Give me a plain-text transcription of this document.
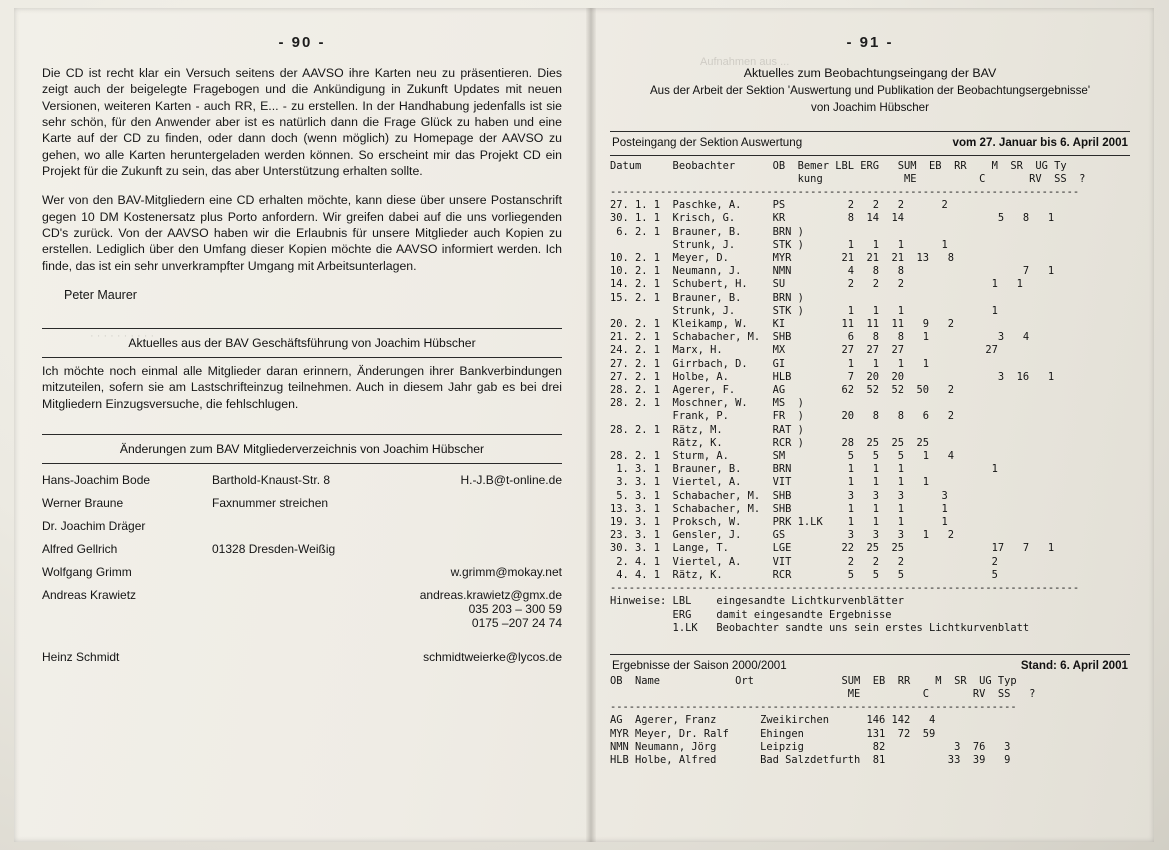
Aufnahmen aus ...
· · · · · · · · · ·
- 90 -
Die CD ist recht klar ein Versuch seitens der AAVSO ihre Karten neu zu präsentieren. Dies zeigt auch der beigelegte Fragebogen und die Ankündigung in Zukunft Updates mit neuen Versionen, weiteren Karten - auch RR, E... - zu erstellen. In der Handhabung jedenfalls ist sie sehr schön, für den Anwender aber ist es natürlich dann die Frage Glück zu haben und eine Karte auf der CD zu finden, oder dann doch (wenn möglich) zu Homepage der AAVSO zu gehen, wo alle Karten heruntergeladen werden können. So erscheint mir das Projekt CD ein Projekt für die Zukunft zu sein, das aber Unterstützung erhalten sollte.
Wer von den BAV-Mitgliedern eine CD erhalten möchte, kann diese über unsere Postanschrift gegen 10 DM Kostenersatz plus Porto anfordern. Wir greifen dabei auf die uns vorliegenden CD's zurück. Von der AAVSO haben wir die Erlaubnis für unsere Mitglieder auch Kopien zu erstellen. Lediglich über den Umfang dieser Kopien möchte die AAVSO informiert werden. Ich finde, das ist ein sehr unverkrampfter Umgang mit Arbeitsunterlagen.
Peter Maurer
Aktuelles aus der BAV Geschäftsführung von Joachim Hübscher
Ich möchte noch einmal alle Mitglieder daran erinnern, Änderungen ihrer Bankverbindungen mitzuteilen, sofern sie am Lastschrifteinzug teilnehmen. Auch in diesem Jahr gab es bei drei Mitgliedern Einzugsversuche, die fehlschlugen.
Änderungen zum BAV Mitgliederverzeichnis von Joachim Hübscher
Hans-Joachim Bode	Barthold-Knaust-Str. 8	H.-J.B@t-online.de
Werner Braune	Faxnummer streichen
Dr. Joachim Dräger
Alfred Gellrich	01328 Dresden-Weißig
Wolfgang Grimm	w.grimm@mokay.net
Andreas Krawietz	andreas.krawietz@gmx.de
035 203 – 300 59
0175 –207 24 74
Heinz Schmidt	schmidtweierke@lycos.de
- 91 -
Aktuelles zum Beobachtungseingang der BAV
Aus der Arbeit der Sektion 'Auswertung und Publikation der Beobachtungsergebnisse'
von Joachim Hübscher
Posteingang der Sektion Auswertung	vom 27. Januar bis 6. April 2001
Datum     Beobachter      OB  Bemer LBL ERG   SUM  EB  RR    M  SR  UG Ty
kung             ME          C       RV  SS  ?
---------------------------------------------------------------------------
27. 1. 1  Paschke, A.     PS          2   2   2      2
30. 1. 1  Krisch, G.      KR          8  14  14               5   8   1
6. 2. 1  Brauner, B.     BRN )
Strunk, J.      STK )       1   1   1      1
10. 2. 1  Meyer, D.       MYR        21  21  21  13   8
10. 2. 1  Neumann, J.     NMN         4   8   8                   7   1
14. 2. 1  Schubert, H.    SU          2   2   2              1   1
15. 2. 1  Brauner, B.     BRN )
Strunk, J.      STK )       1   1   1              1
20. 2. 1  Kleikamp, W.    KI         11  11  11   9   2
21. 2. 1  Schabacher, M.  SHB         6   8   8   1           3   4
24. 2. 1  Marx, H.        MX         27  27  27             27
27. 2. 1  Girrbach, D.    GI          1   1   1   1
27. 2. 1  Holbe, A.       HLB         7  20  20               3  16   1
28. 2. 1  Agerer, F.      AG         62  52  52  50   2
28. 2. 1  Moschner, W.    MS  )
Frank, P.       FR  )      20   8   8   6   2
28. 2. 1  Rätz, M.        RAT )
Rätz, K.        RCR )      28  25  25  25
28. 2. 1  Sturm, A.       SM          5   5   5   1   4
1. 3. 1  Brauner, B.     BRN         1   1   1              1
3. 3. 1  Viertel, A.     VIT         1   1   1   1
5. 3. 1  Schabacher, M.  SHB         3   3   3      3
13. 3. 1  Schabacher, M.  SHB         1   1   1      1
19. 3. 1  Proksch, W.     PRK 1.LK    1   1   1      1
23. 3. 1  Gensler, J.     GS          3   3   3   1   2
30. 3. 1  Lange, T.       LGE        22  25  25              17   7   1
2. 4. 1  Viertel, A.     VIT         2   2   2              2
4. 4. 1  Rätz, K.        RCR         5   5   5              5
---------------------------------------------------------------------------
Hinweise: LBL    eingesandte Lichtkurvenblätter
ERG    damit eingesandte Ergebnisse
1.LK   Beobachter sandte uns sein erstes Lichtkurvenblatt
Ergebnisse der Saison 2000/2001	Stand: 6. April 2001
OB  Name            Ort              SUM  EB  RR    M  SR  UG Typ
ME          C       RV  SS   ?
-----------------------------------------------------------------
AG  Agerer, Franz       Zweikirchen      146 142   4
MYR Meyer, Dr. Ralf     Ehingen          131  72  59
NMN Neumann, Jörg       Leipzig           82           3  76   3
HLB Holbe, Alfred       Bad Salzdetfurth  81          33  39   9
